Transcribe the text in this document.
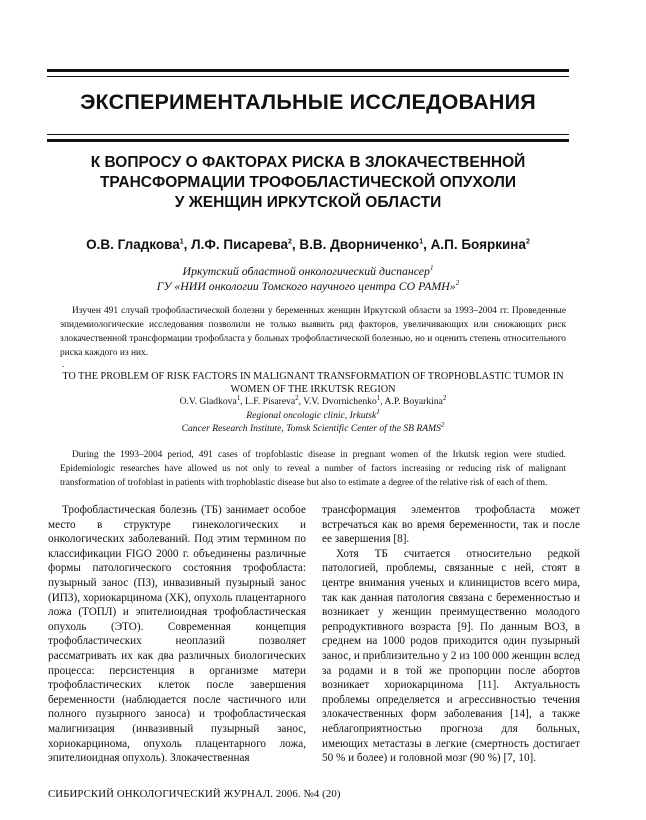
ЭКСПЕРИМЕНТАЛЬНЫЕ ИССЛЕДОВАНИЯ
К ВОПРОСУ О ФАКТОРАХ РИСКА В ЗЛОКАЧЕСТВЕННОЙ
ТРАНСФОРМАЦИИ ТРОФОБЛАСТИЧЕСКОЙ ОПУХОЛИ
У ЖЕНЩИН ИРКУТСКОЙ ОБЛАСТИ
О.В. Гладкова$^1$, Л.Ф. Писарева$^2$, В.В. Дворниченко$^1$, А.П. Бояркина$^2$
Иркутский областной онкологический диспансер$^1$
ГУ «НИИ онкологии Томского научного центра СО РАМН»$^2$
Изучен 491 случай трофобластической болезни у беременных женщин Иркутской области за 1993–2004 гг. Проведенные эпидемиологические исследования позволили не только выявить ряд факторов, увеличивающих или снижающих риск злокачественной трансформации трофобласта у больных трофобластической болезнью, но и оценить степень относительного риска каждого из них.
.
TO THE PROBLEM OF RISK FACTORS IN MALIGNANT TRANSFORMATION OF TROPHOBLASTIC TUMOR IN
WOMEN OF THE IRKUTSK REGION
O.V. Gladkova$^1$, L.F. Pisareva$^2$, V.V. Dvornichenko$^1$, A.P. Boyarkina$^2$
Regional oncologic clinic, Irkutsk$^1$
Cancer Research Institute, Tomsk Scientific Center of the SB RAMS$^2$
During the 1993–2004 period, 491 cases of tropfoblastic disease in pregnant women of the Irkutsk region were studied. Epidemiologic researches have allowed us not only to reveal a number of factors increasing or reducing risk of malignant transformation of trofoblast in patients with trophoblastic disease but also to estimate a degree of the relative risk of each of them.

Трофобластическая болезнь (ТБ) занимает особое место в структуре гинекологических и онкологических заболеваний. Под этим термином по классификации FIGO 2000 г. объединены различные формы патологического состояния трофобласта: пузырный занос (ПЗ), инвазивный пузырный занос (ИПЗ), хориокарцинома (ХК), опухоль плацентарного ложа (ТОПЛ) и эпителиоидная трофобластическая опухоль (ЭТО). Современная концепция трофобластических неоплазий позволяет рассматривать их как два различных биологических процесса: персистенция в организме матери трофобластических клеток после завершения беременности (наблюдается после частичного или полного пузырного заноса) и трофобластическая малигнизация (инвазивный пузырный занос, хориокарцинома, опухоль плацентарного ложа, эпителиоидная опухоль). Злокачественная

трансформация элементов трофобласта может встречаться как во время беременности, так и после ее завершения [8].

Хотя ТБ считается относительно редкой патологией, проблемы, связанные с ней, стоят в центре внимания ученых и клиницистов всего мира, так как данная патология связана с беременностью и возникает у женщин преимущественно молодого репродуктивного возраста [9]. По данным ВОЗ, в среднем на 1000 родов приходится один пузырный занос, и приблизительно у 2 из 100 000 женщин вслед за родами и в той же пропорции после абортов возникает хориокарцинома [11]. Актуальность проблемы определяется и агрессивностью течения злокачественных форм заболевания [14], а также неблагоприятностью прогноза для больных, имеющих метастазы в легкие (смертность достигает 50 % и более) и головной мозг (90 %) [7, 10].

СИБИРСКИЙ ОНКОЛОГИЧЕСКИЙ ЖУРНАЛ. 2006. №4 (20)
